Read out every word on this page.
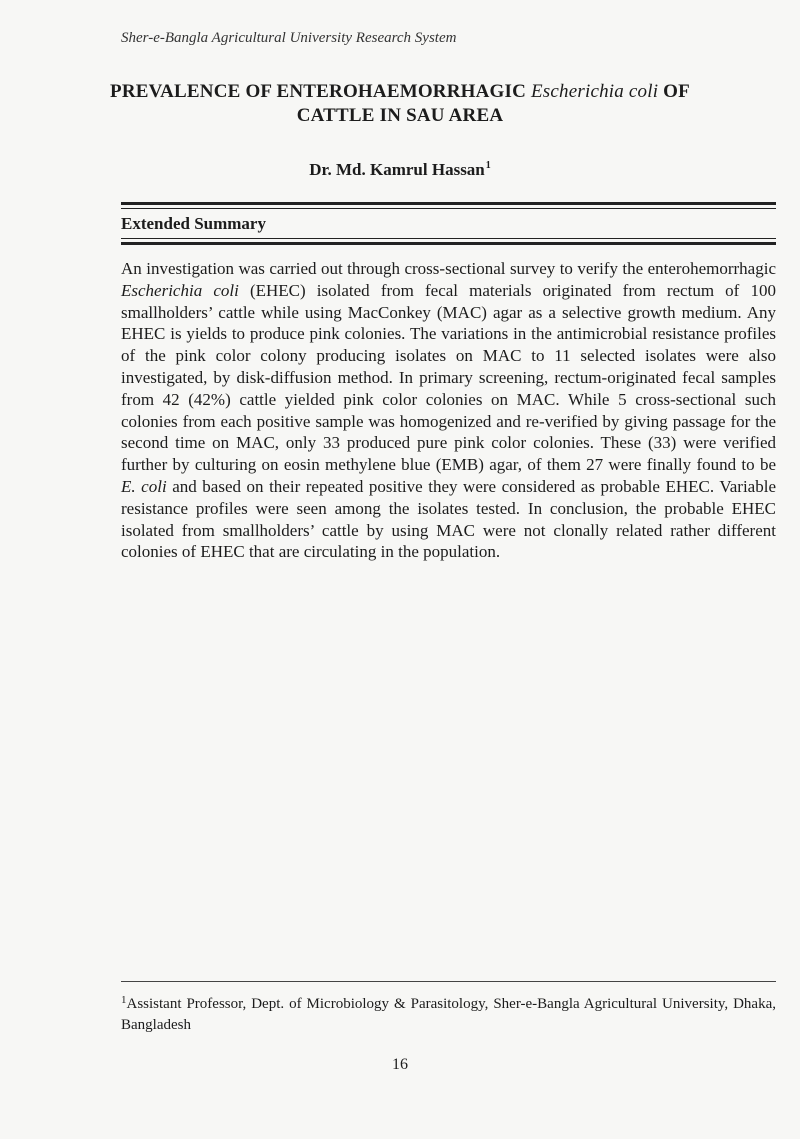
Sher-e-Bangla Agricultural University Research System
PREVALENCE OF ENTEROHAEMORRHAGIC Escherichia coli OF CATTLE IN SAU AREA
Dr. Md. Kamrul Hassan$^1$
Extended Summary

An investigation was carried out through cross-sectional survey to verify the enterohemorrhagic Escherichia coli (EHEC) isolated from fecal materials originated from rectum of 100 smallholders’ cattle while using MacConkey (MAC) agar as a selective growth medium. Any EHEC is yields to produce pink colonies. The variations in the antimicrobial resistance profiles of the pink color colony producing isolates on MAC to 11 selected isolates were also investigated, by disk-diffusion method. In primary screening, rectum-originated fecal samples from 42 (42%) cattle yielded pink color colonies on MAC. While 5 cross-sectional such colonies from each positive sample was homogenized and re-verified by giving passage for the second time on MAC, only 33 produced pure pink color colonies. These (33) were verified further by culturing on eosin methylene blue (EMB) agar, of them 27 were finally found to be E. coli and based on their repeated positive they were considered as probable EHEC. Variable resistance profiles were seen among the isolates tested. In conclusion, the probable EHEC isolated from smallholders’ cattle by using MAC were not clonally related rather different colonies of EHEC that are circulating in the population.

$^1$Assistant Professor, Dept. of Microbiology & Parasitology, Sher-e-Bangla Agricultural University, Dhaka, Bangladesh

16
